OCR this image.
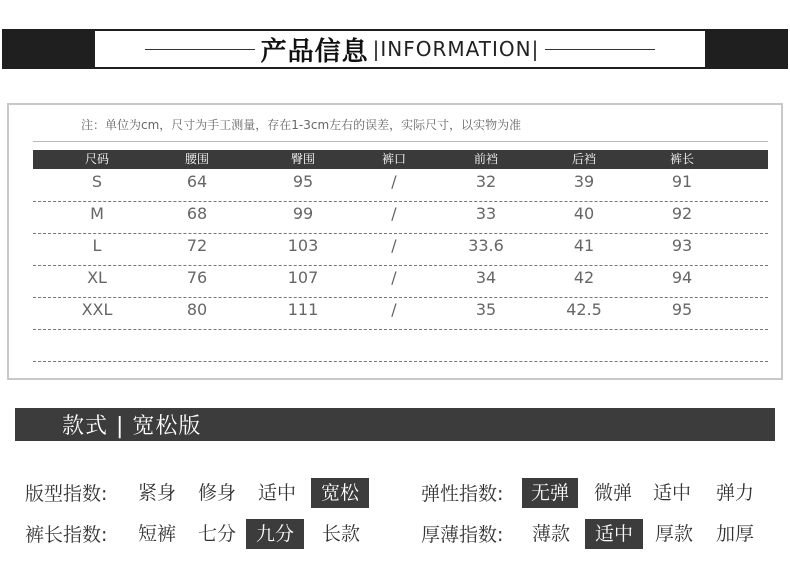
产品信息 |INFORMATION|
注：单位为cm，尺寸为手工测量，存在1-3cm左右的误差，实际尺寸，以实物为准
尺码	腰围	臀围	裤口	前裆	后裆	裤长
S	64	95	/	32	39	91
M	68	99	/	33	40	92
L	72	103	/	33.6	41	93
XL	76	107	/	34	42	94
XXL	80	111	/	35	42.5	95
款式 | 宽松版
版型指数: 紧身 修身 适中	宽松	弹性指数:	无弹	微弹 适中 弹力
裤长指数: 短裤 七分	九分	长款	厚薄指数: 薄款	适中	厚款 加厚
